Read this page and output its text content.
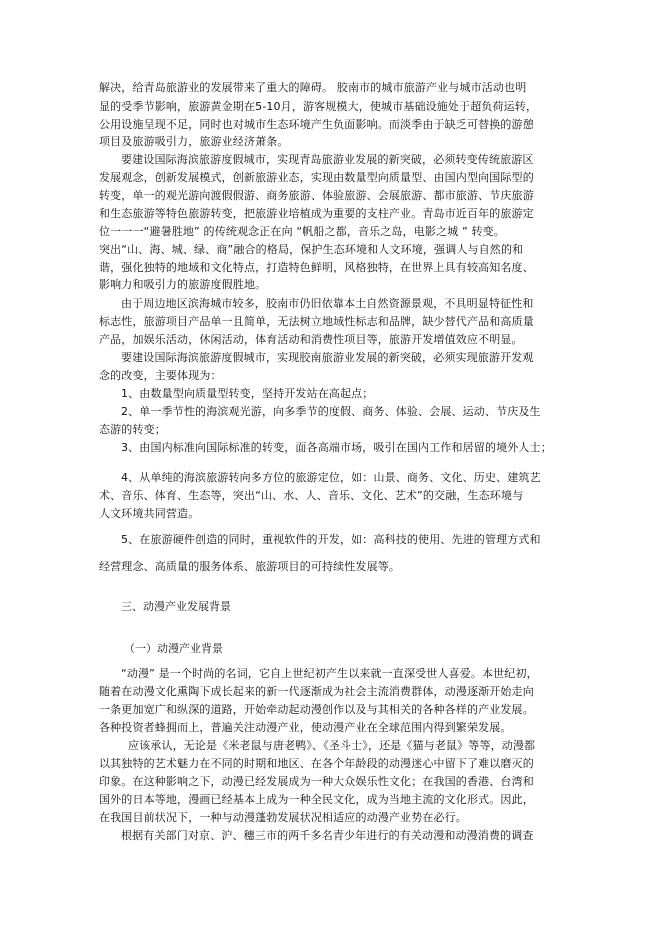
解决，给青岛旅游业的发展带来了重大的障碍。 胶南市的城市旅游产业与城市活动也明
显的受季节影响，旅游黄金期在5-10月，游客规模大，使城市基础设施处于超负荷运转，
公用设施呈现不足，同时也对城市生态环境产生负面影响。而淡季由于缺乏可替换的游憩
项目及旅游吸引力，旅游业经济萧条。
要建设国际海滨旅游度假城市，实现青岛旅游业发展的新突破，必须转变传统旅游区
发展观念，创新发展模式，创新旅游业态，实现由数量型向质量型、由国内型向国际型的
转变，单一的观光游向渡假假游、商务旅游、体验旅游、会展旅游、都市旅游、节庆旅游
和生态旅游等特色旅游转变，把旅游业培植成为重要的支柱产业。青岛市近百年的旅游定
位一一一“避暑胜地” 的传统观念正在向 “帆船之都，音乐之岛，电影之城 ” 转变。
突出“山、海、城、绿、商”融合的格局，保护生态环境和人文环境，强调人与自然的和
谐，强化独特的地域和文化特点，打造特色鲜明，风格独特，在世界上具有较高知名度、
影响力和吸引力的旅游度假胜地。
由于周边地区滨海城市较多，胶南市仍旧依靠本土自然资源景观，不具明显特征性和
标志性，旅游项目产品单一且简单，无法树立地域性标志和品牌，缺少替代产品和高质量
产品，加娱乐活动，休闲活动，体育活动和消费性项目等，旅游开发增值效应不明显。
要建设国际海滨旅游度假城市，实现胶南旅游业发展的新突破，必须实现旅游开发观
念的改变，主要体现为：
1、由数量型向质量型转变，坚持开发站在高起点；
2、单一季节性的海滨观光游，向多季节的度假、商务、体验、会展、运动、节庆及生
态游的转变；
3、由国内标准向国际标准的转变，面各高端市场，吸引在国内工作和居留的境外人士；
4、从单纯的海滨旅游转向多方位的旅游定位，如：山景、商务、文化、历史、建筑艺
术、音乐、体育、生态等，突出“山、水、人、音乐、文化、艺术”的交融，生态环境与
人文环境共同营造。
5、在旅游硬件创造的同时，重视软件的开发，如：高科技的使用、先进的管理方式和
经营理念、高质量的服务体系、旅游项目的可持续性发展等。
三、动漫产业发展背景
（一）动漫产业背景
“动漫” 是一个时尚的名词，它自上世纪初产生以来就一直深受世人喜爱。本世纪初，
随着在动漫文化熏陶下成长起来的新一代逐渐成为社会主流消费群体，动漫逐渐开始走向
一条更加宽广和纵深的道路，开始牵动起动漫创作以及与其相关的各种各样的产业发展。
各种投资者蜂拥而上，普遍关注动漫产业，使动漫产业在全球范围内得到繁荣发展。
应该承认，无论是《米老鼠与唐老鸭》、《圣斗士》，还是《猫与老鼠》等等，动漫都
以其独特的艺术魅力在不同的时期和地区、在各个年龄段的动漫迷心中留下了难以磨灭的
印象。在这种影响之下，动漫已经发展成为一种大众娱乐性文化；在我国的香港、台湾和
国外的日本等地，漫画已经基本上成为一种全民文化，成为当地主流的文化形式。因此，
在我国目前状况下，一种与动漫蓬勃发展状况相适应的动漫产业势在必行。
根据有关部门对京、沪、穗三市的两千多名青少年进行的有关动漫和动漫消费的调查
